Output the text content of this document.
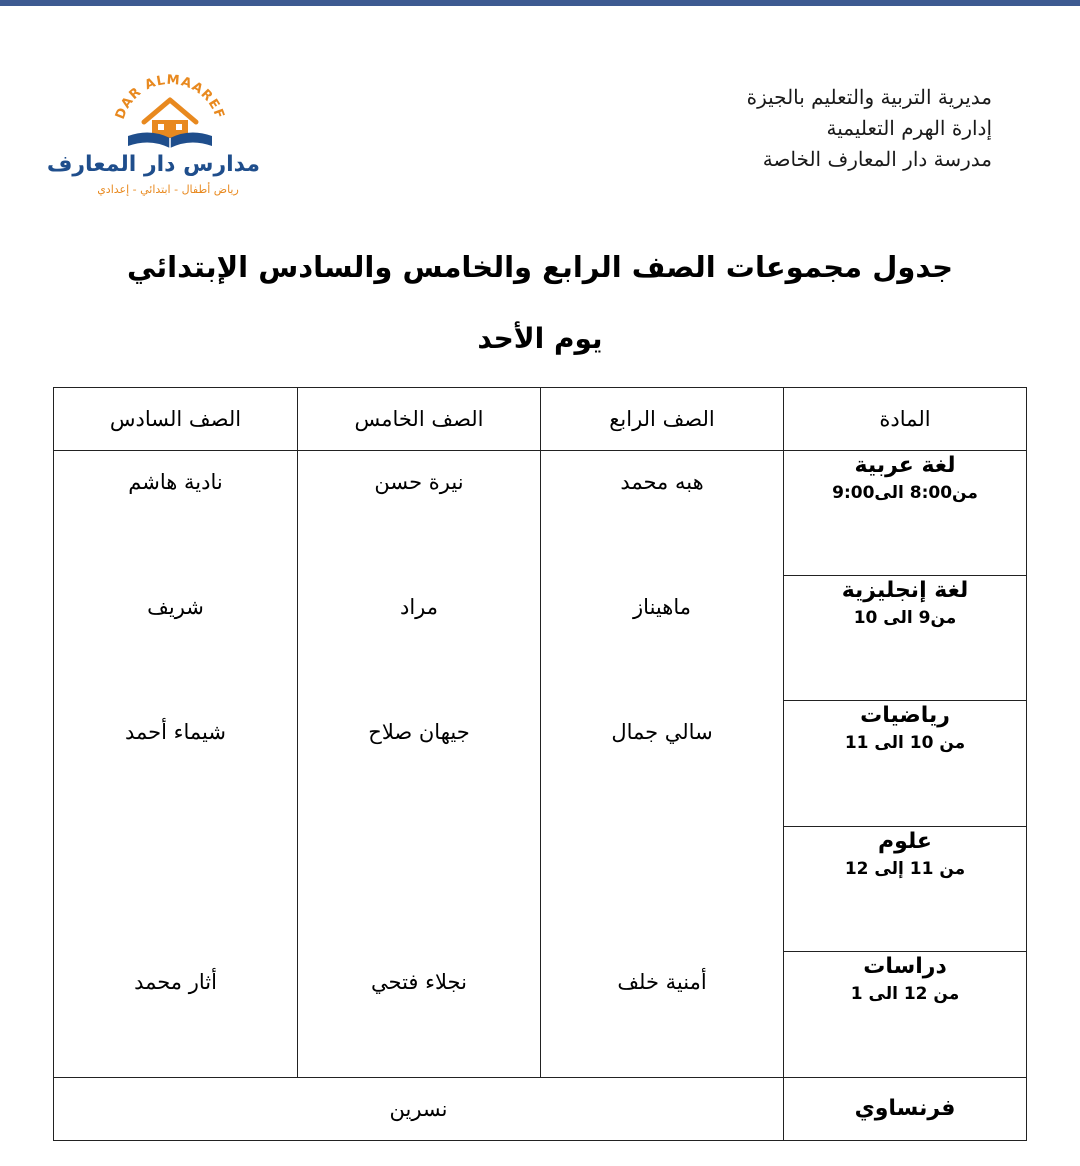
مديرية التربية والتعليم بالجيزة
إدارة الهرم التعليمية
مدرسة دار المعارف الخاصة
DAR ALMAAREF
مدارس دار المعارف
رياض أطفال - ابتدائي - إعدادي
جدول مجموعات الصف الرابع والخامس والسادس الإبتدائي
يوم الأحد
المادة	الصف الرابع	الصف الخامس	الصف السادس

لغة عربية
من8:00 الى9:00	هبه محمد	نيرة حسن	نادية هاشم

لغة إنجليزية
من9 الى 10	ماهيناز	مراد	شريف

رياضيات
من 10 الى 11	سالي جمال	جيهان صلاح	شيماء أحمد

علوم
من 11 إلى 12			

دراسات
من 12 الى 1	أمنية خلف	نجلاء فتحي	أثار محمد

فرنساوي	نسرين		
